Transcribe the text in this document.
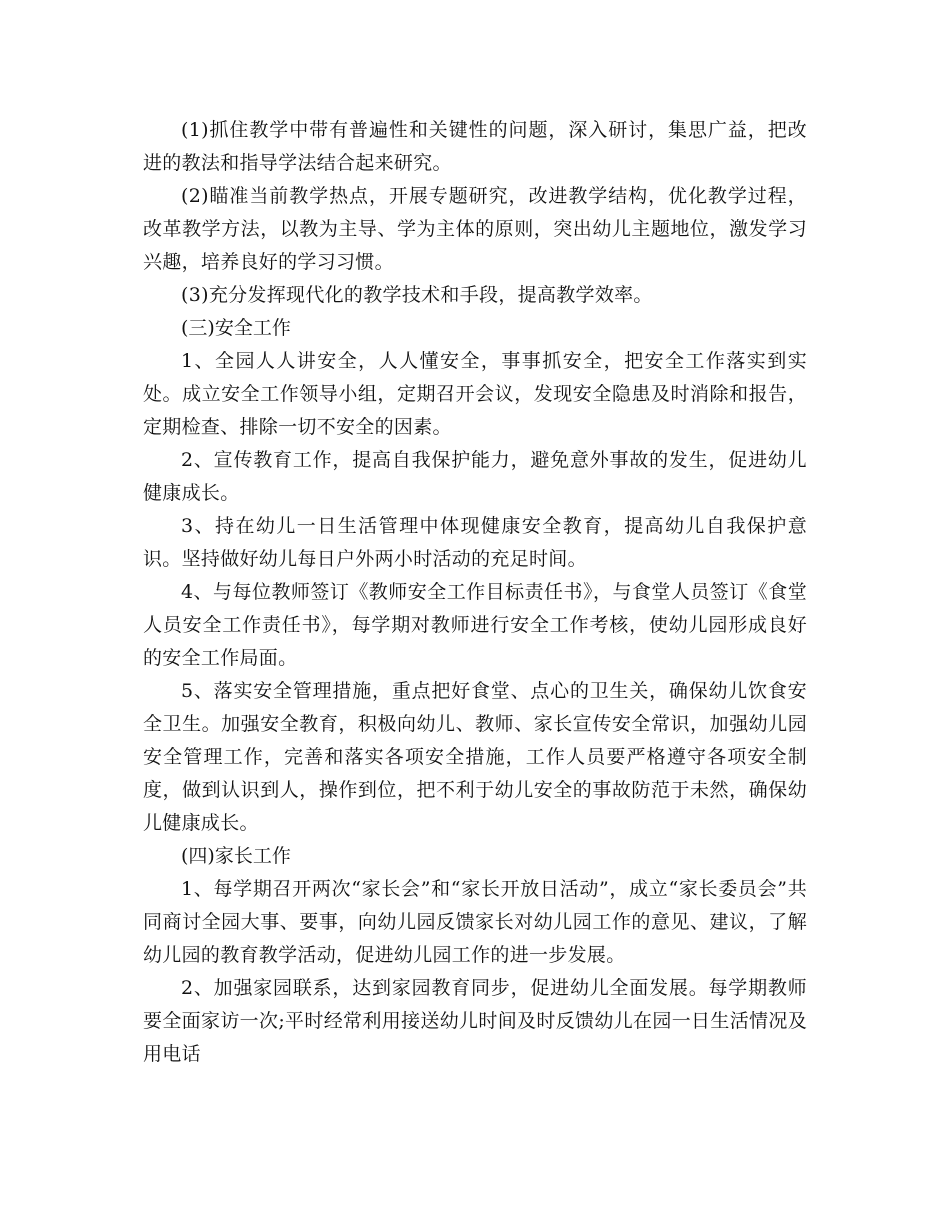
(1)抓住教学中带有普遍性和关键性的问题，深入研讨，集思广益，把改进的教法和指导学法结合起来研究。

(2)瞄准当前教学热点，开展专题研究，改进教学结构，优化教学过程，改革教学方法，以教为主导、学为主体的原则，突出幼儿主题地位，激发学习兴趣，培养良好的学习习惯。

(3)充分发挥现代化的教学技术和手段，提高教学效率。

(三)安全工作

1、全园人人讲安全，人人懂安全，事事抓安全，把安全工作落实到实处。成立安全工作领导小组，定期召开会议，发现安全隐患及时消除和报告，定期检查、排除一切不安全的因素。

2、宣传教育工作，提高自我保护能力，避免意外事故的发生，促进幼儿健康成长。

3、持在幼儿一日生活管理中体现健康安全教育，提高幼儿自我保护意识。坚持做好幼儿每日户外两小时活动的充足时间。

4、与每位教师签订《教师安全工作目标责任书》，与食堂人员签订《食堂人员安全工作责任书》，每学期对教师进行安全工作考核，使幼儿园形成良好的安全工作局面。

5、落实安全管理措施，重点把好食堂、点心的卫生关，确保幼儿饮食安全卫生。加强安全教育，积极向幼儿、教师、家长宣传安全常识，加强幼儿园安全管理工作，完善和落实各项安全措施，工作人员要严格遵守各项安全制度，做到认识到人，操作到位，把不利于幼儿安全的事故防范于未然，确保幼儿健康成长。

(四)家长工作

1、每学期召开两次“家长会”和“家长开放日活动”，成立“家长委员会”共同商讨全园大事、要事，向幼儿园反馈家长对幼儿园工作的意见、建议，了解幼儿园的教育教学活动，促进幼儿园工作的进一步发展。

2、加强家园联系，达到家园教育同步，促进幼儿全面发展。每学期教师要全面家访一次;平时经常利用接送幼儿时间及时反馈幼儿在园一日生活情况及用电话
